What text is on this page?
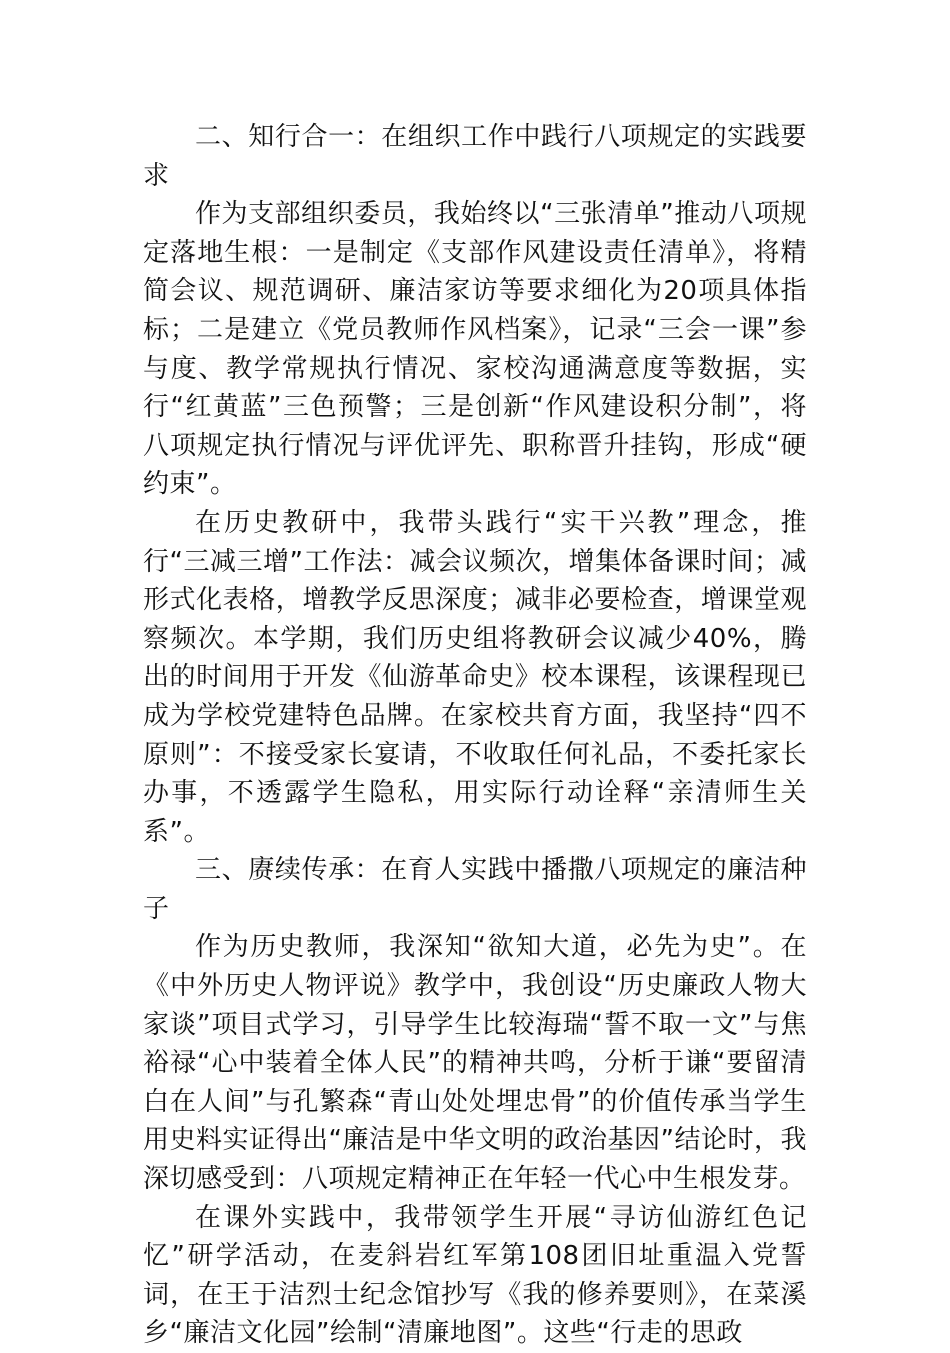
二、知行合一：在组织工作中践行八项规定的实践要求

作为支部组织委员，我始终以“三张清单”推动八项规定落地生根：一是制定《支部作风建设责任清单》，将精简会议、规范调研、廉洁家访等要求细化为20项具体指标；二是建立《党员教师作风档案》，记录“三会一课”参与度、教学常规执行情况、家校沟通满意度等数据，实行“红黄蓝”三色预警；三是创新“作风建设积分制”，将八项规定执行情况与评优评先、职称晋升挂钩，形成“硬约束”。

在历史教研中，我带头践行“实干兴教”理念，推行“三减三增”工作法：减会议频次，增集体备课时间；减形式化表格，增教学反思深度；减非必要检查，增课堂观察频次。本学期，我们历史组将教研会议减少40%，腾出的时间用于开发《仙游革命史》校本课程，该课程现已成为学校党建特色品牌。在家校共育方面，我坚持“四不原则”：不接受家长宴请，不收取任何礼品，不委托家长办事，不透露学生隐私，用实际行动诠释“亲清师生关系”。

三、赓续传承：在育人实践中播撒八项规定的廉洁种子

作为历史教师，我深知“欲知大道，必先为史”。在《中外历史人物评说》教学中，我创设“历史廉政人物大家谈”项目式学习，引导学生比较海瑞“誓不取一文”与焦裕禄“心中装着全体人民”的精神共鸣，分析于谦“要留清白在人间”与孔繁森“青山处处埋忠骨”的价值传承当学生用史料实证得出“廉洁是中华文明的政治基因”结论时，我深切感受到：八项规定精神正在年轻一代心中生根发芽。

在课外实践中，我带领学生开展“寻访仙游红色记忆”研学活动，在麦斜岩红军第108团旧址重温入党誓词，在王于洁烈士纪念馆抄写《我的修养要则》，在菜溪乡“廉洁文化园”绘制“清廉地图”。这些“行走的思政
